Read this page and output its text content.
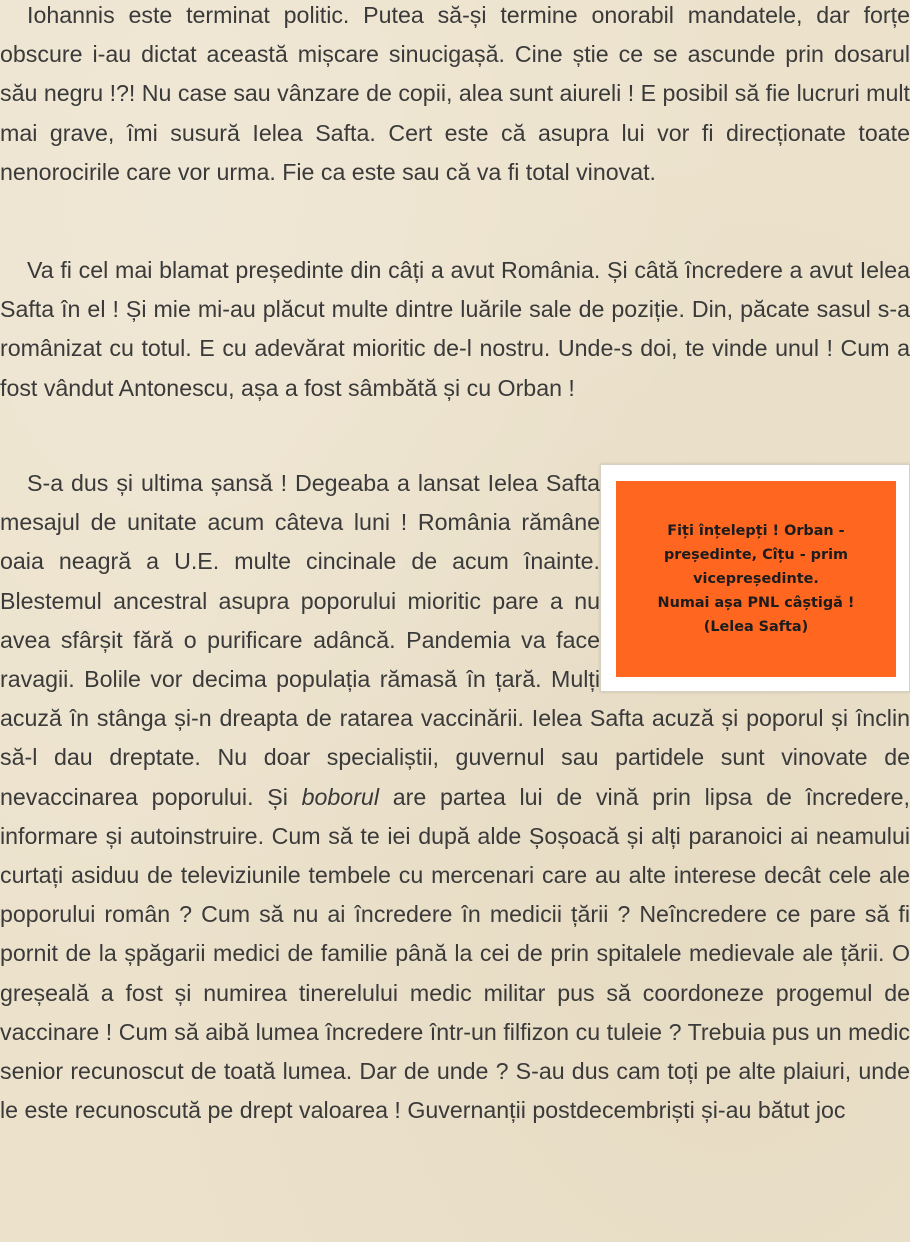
Iohannis este terminat politic. Putea să-și termine onorabil mandatele, dar forțe obscure i-au dictat această mișcare sinucigașă. Cine știe ce se ascunde prin dosarul său negru !?! Nu case sau vânzare de copii, alea sunt aiureli ! E posibil să fie lucruri mult mai grave, îmi susură Ielea Safta. Cert este că asupra lui vor fi direcționate toate nenorocirile care vor urma. Fie ca este sau că va fi total vinovat.

Va fi cel mai blamat președinte din câți a avut România. Și câtă încredere a avut Ielea Safta în el ! Și mie mi-au plăcut multe dintre luările sale de poziție. Din, păcate sasul s-a românizat cu totul. E cu adevărat mioritic de-l nostru. Unde-s doi, te vinde unul ! Cum a fost vândut Antonescu, așa a fost sâmbătă și cu Orban !

Fiți înțelepți ! Orban -
președinte, Cîțu - prim
vicepreședinte.
Numai așa PNL câștigă !
(Lelea Safta)
S-a dus și ultima șansă ! Degeaba a lansat Ielea Safta mesajul de unitate acum câteva luni ! România rămâne oaia neagră a U.E. multe cincinale de acum înainte. Blestemul ancestral asupra poporului mioritic pare a nu avea sfârșit fără o purificare adâncă. Pandemia va face ravagii. Bolile vor decima populația rămasă în țară. Mulți acuză în stânga și-n dreapta de ratarea vaccinării. Ielea Safta acuză și poporul și înclin să-l dau dreptate. Nu doar specialiștii, guvernul sau partidele sunt vinovate de nevaccinarea poporului. Și boborul are partea lui de vină prin lipsa de încredere, informare și autoinstruire. Cum să te iei după alde Șoșoacă și alți paranoici ai neamului curtați asiduu de televiziunile tembele cu mercenari care au alte interese decât cele ale poporului român ? Cum să nu ai încredere în medicii țării ? Neîncredere ce pare să fi pornit de la șpăgarii medici de familie până la cei de prin spitalele medievale ale țării. O greșeală a fost și numirea tinerelului medic militar pus să coordoneze progemul de vaccinare ! Cum să aibă lumea încredere într-un filfizon cu tuleie ? Trebuia pus un medic senior recunoscut de toată lumea. Dar de unde ? S-au dus cam toți pe alte plaiuri, unde le este recunoscută pe drept valoarea ! Guvernanții postdecembriști și-au bătut joc
